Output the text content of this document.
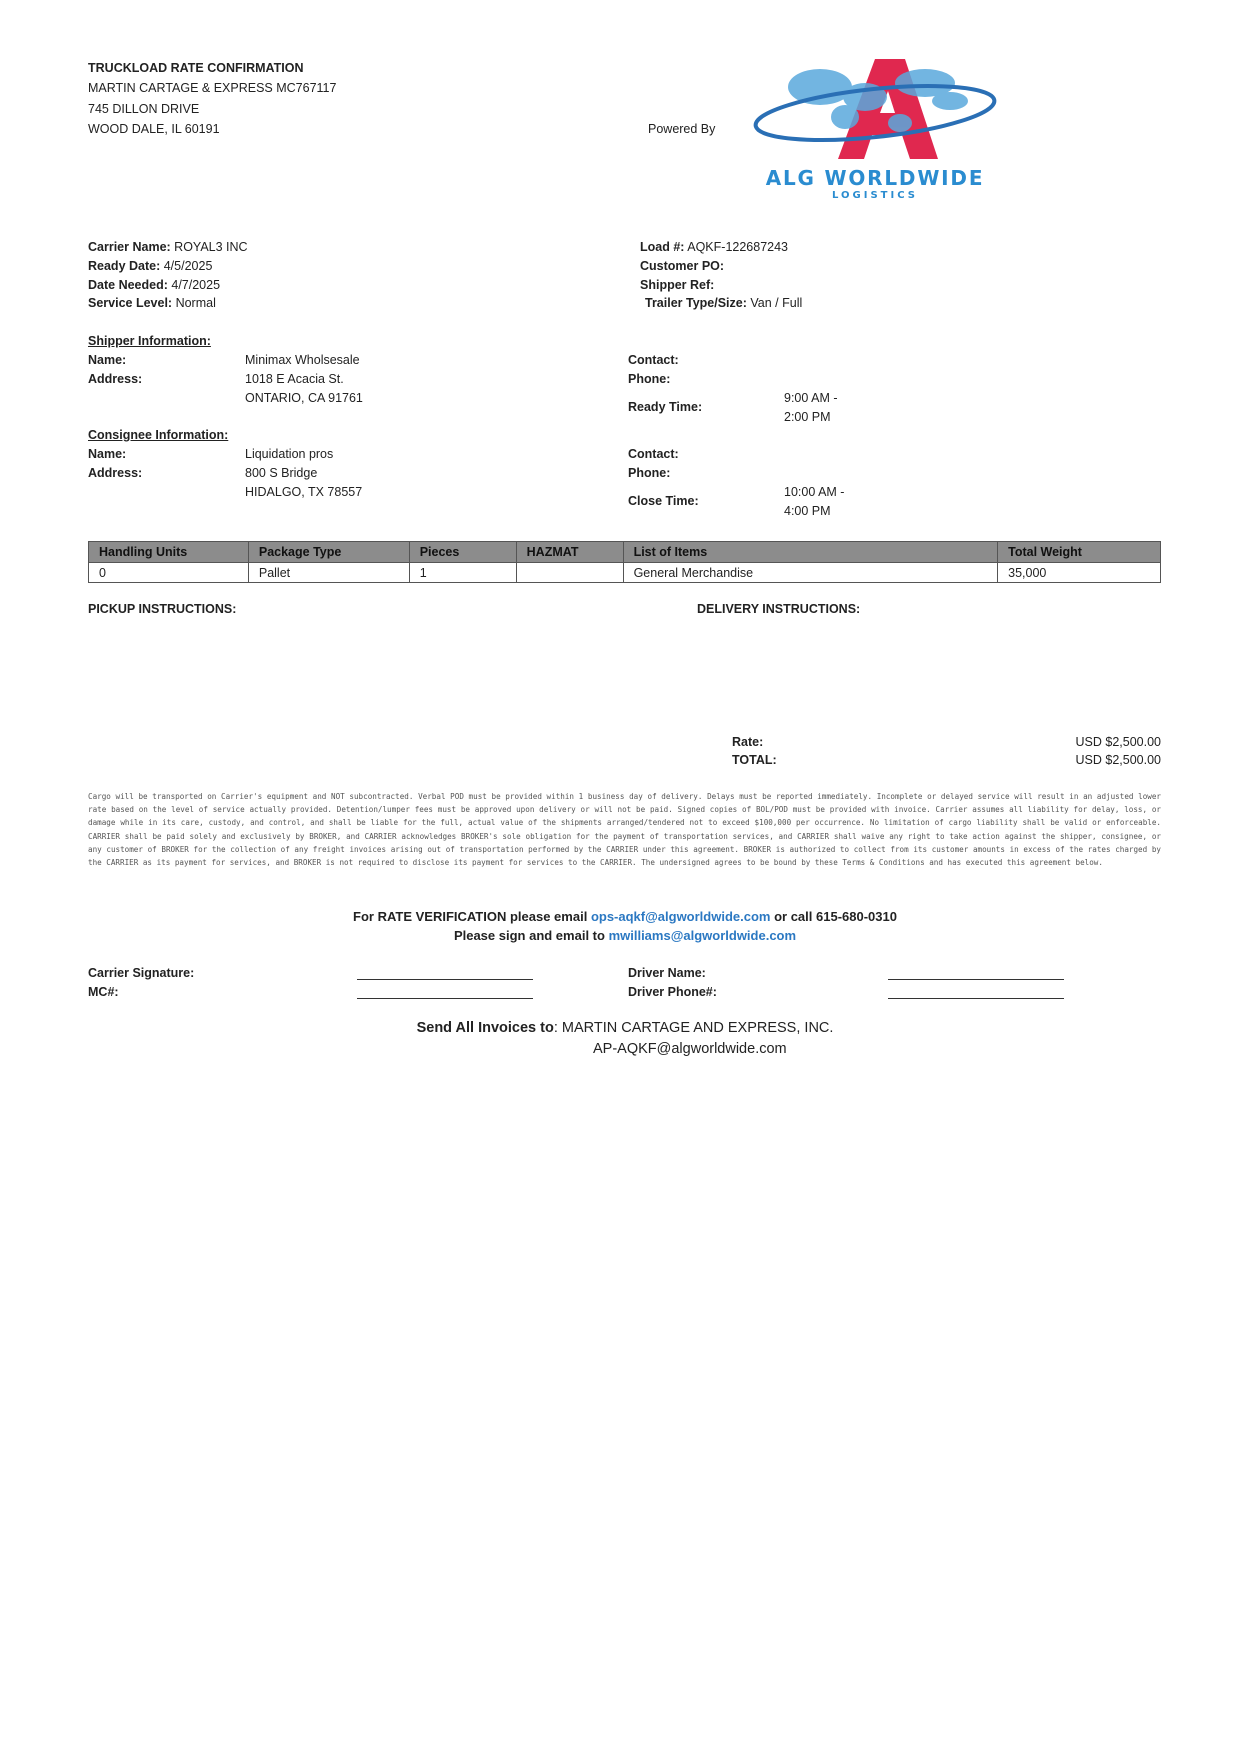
TRUCKLOAD RATE CONFIRMATION
MARTIN CARTAGE & EXPRESS MC767117
745 DILLON DRIVE
WOOD DALE, IL 60191	Powered By
ALG WORLDWIDE
LOGISTICS
Carrier Name: ROYAL3 INC
Ready Date: 4/5/2025
Date Needed: 4/7/2025
Service Level: Normal
Load #: AQKF-122687243
Customer PO:
Shipper Ref:
Trailer Type/Size: Van / Full
Shipper Information:
Name:	Minimax Wholsesale
Address:	1018 E Acacia St.
ONTARIO, CA 91761
Contact:
Phone:
Ready Time:
9:00 AM -
2:00 PM
Consignee Information:
Name:	Liquidation pros
Address:	800 S Bridge
HIDALGO, TX 78557
Contact:
Phone:
Close Time:
10:00 AM -
4:00 PM
Handling Units	Package Type	Pieces	HAZMAT	List of Items	Total Weight
0	Pallet	1		General Merchandise	35,000
PICKUP INSTRUCTIONS:	DELIVERY INSTRUCTIONS:
Rate:	USD $2,500.00
TOTAL:	USD $2,500.00
Cargo will be transported on Carrier's equipment and NOT subcontracted. Verbal POD must be provided within 1 business day of delivery. Delays must be reported immediately. Incomplete or delayed service will result in an adjusted lower rate based on the level of service actually provided. Detention/lumper fees must be approved upon delivery or will not be paid. Signed copies of BOL/POD must be provided with invoice. Carrier assumes all liability for delay, loss, or damage while in its care, custody, and control, and shall be liable for the full, actual value of the shipments arranged/tendered not to exceed $100,000 per occurrence. No limitation of cargo liability shall be valid or enforceable. CARRIER shall be paid solely and exclusively by BROKER, and CARRIER acknowledges BROKER's sole obligation for the payment of transportation services, and CARRIER shall waive any right to take action against the shipper, consignee, or any customer of BROKER for the collection of any freight invoices arising out of transportation performed by the CARRIER under this agreement. BROKER is authorized to collect from its customer amounts in excess of the rates charged by the CARRIER as its payment for services, and BROKER is not required to disclose its payment for services to the CARRIER. The undersigned agrees to be bound by these Terms & Conditions and has executed this agreement below.
For RATE VERIFICATION please email ops-aqkf@algworldwide.com or call 615-680-0310
Please sign and email to mwilliams@algworldwide.com
Carrier Signature:
MC#:
Driver Name:
Driver Phone#:
Send All Invoices to: MARTIN CARTAGE AND EXPRESS, INC.
AP-AQKF@algworldwide.com
